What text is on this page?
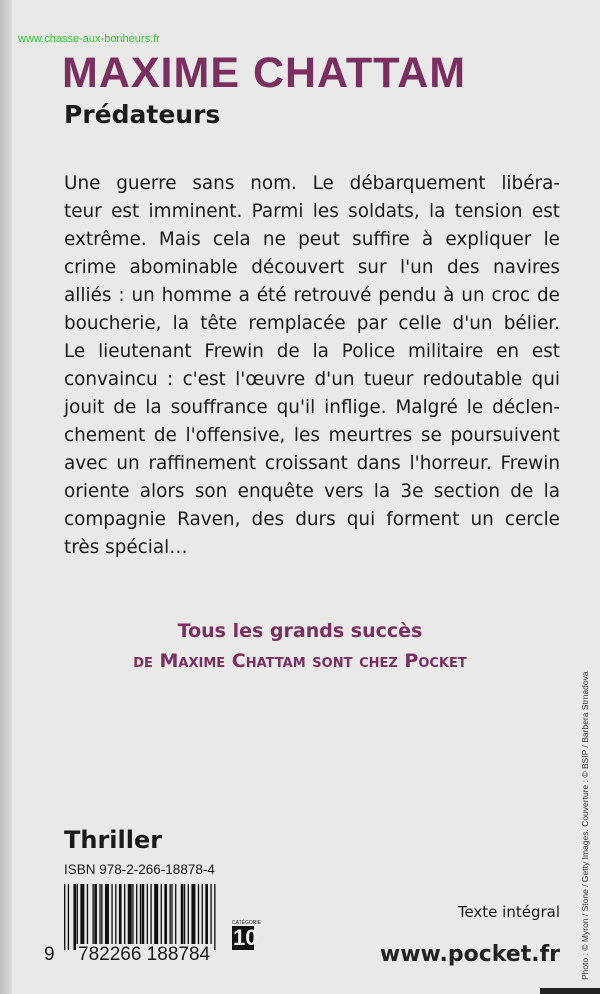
www.chasse-aux-bonheurs.fr
MAXIME CHATTAM
Prédateurs
Une guerre sans nom. Le débarquement libéra-
teur est imminent. Parmi les soldats, la tension est
extrême. Mais cela ne peut suffire à expliquer le
crime abominable découvert sur l'un des navires
alliés : un homme a été retrouvé pendu à un croc de
boucherie, la tête remplacée par celle d'un bélier.
Le lieutenant Frewin de la Police militaire en est
convaincu : c'est l'œuvre d'un tueur redoutable qui
jouit de la souffrance qu'il inflige. Malgré le déclen-
chement de l'offensive, les meurtres se poursuivent
avec un raffinement croissant dans l'horreur. Frewin
oriente alors son enquête vers la 3e section de la
compagnie Raven, des durs qui forment un cercle
très spécial…
Tous les grands succès
de Maxime Chattam sont chez Pocket
Thriller
ISBN 978-2-266-18878-4
9 782266 188784
CATÉGORIE
10
Texte intégral
www.pocket.fr Photo : © Myron / Stone / Getty Images. Couverture : © BSIP / Barbera Strnadova
